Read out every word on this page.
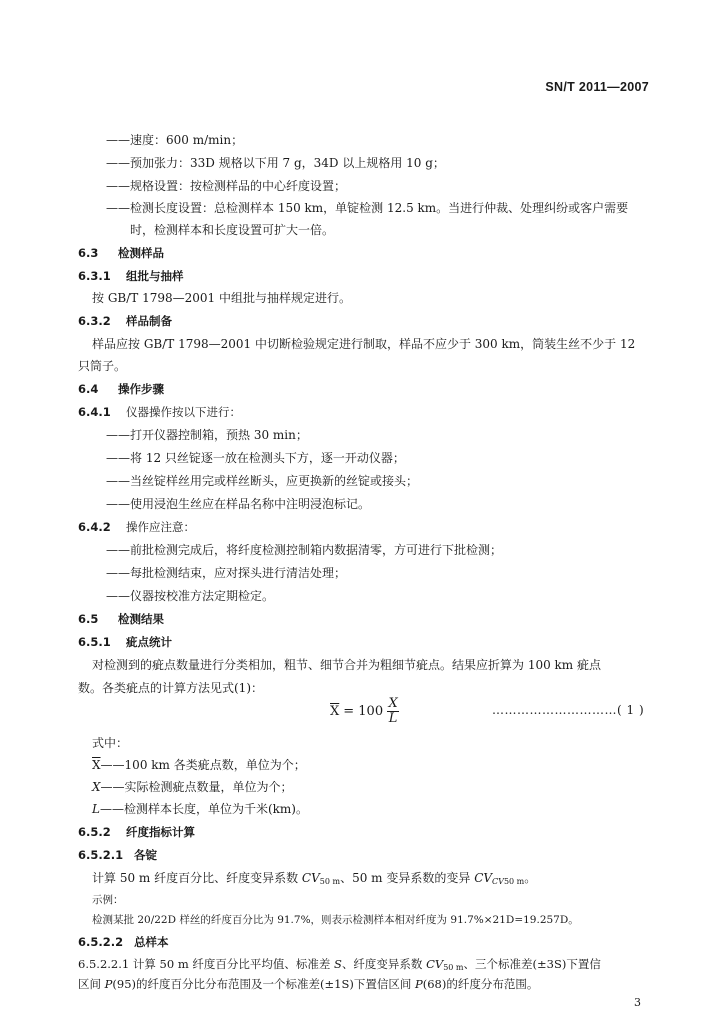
SN/T 2011—2007
——速度：600 m/min；
——预加张力：33D 规格以下用 7 g，34D 以上规格用 10 g；
——规格设置：按检测样品的中心纤度设置；
——检测长度设置：总检测样本 150 km，单锭检测 12.5 km。当进行仲裁、处理纠纷或客户需要
时，检测样本和长度设置可扩大一倍。
6.3 检测样品
6.3.1 组批与抽样
按 GB/T 1798—2001 中组批与抽样规定进行。
6.3.2 样品制备
样品应按 GB/T 1798—2001 中切断检验规定进行制取，样品不应少于 300 km，筒装生丝不少于 12
只筒子。
6.4 操作步骤
6.4.1 仪器操作按以下进行：
——打开仪器控制箱，预热 30 min；
——将 12 只丝锭逐一放在检测头下方，逐一开动仪器；
——当丝锭样丝用完或样丝断头，应更换新的丝锭或接头；
——使用浸泡生丝应在样品名称中注明浸泡标记。
6.4.2 操作应注意：
——前批检测完成后，将纤度检测控制箱内数据清零，方可进行下批检测；
——每批检测结束，应对探头进行清洁处理；
——仪器按校准方法定期检定。
6.5 检测结果
6.5.1 疵点统计
对检测到的疵点数量进行分类相加，粗节、细节合并为粗细节疵点。结果应折算为 100 km 疵点
数。各类疵点的计算方法见式(1)：
$\overline{X} = 100 \frac{X}{L}$	…………………………( 1 )
式中：
$\overline{X}——100$ km 各类疵点数，单位为个；
X——实际检测疵点数量，单位为个；
L——检测样本长度，单位为千米(km)。
6.5.2 纤度指标计算
6.5.2.1 各锭
计算 50 m 纤度百分比、纤度变异系数 $CV_{50 m}$、50 m 变异系数的变异 $CV_{CV50 m}$。
示例：
检测某批 20/22D 样丝的纤度百分比为 91.7%，则表示检测样本相对纤度为 91.7%×21D=19.257D。
6.5.2.2 总样本
6.5.2.2.1 计算 50 m 纤度百分比平均值、标准差 S、纤度变异系数 $CV_{50 m}$、三个标准差(±3S)下置信
区间 P(95)的纤度百分比分布范围及一个标准差(±1S)下置信区间 P(68)的纤度分布范围。
3
